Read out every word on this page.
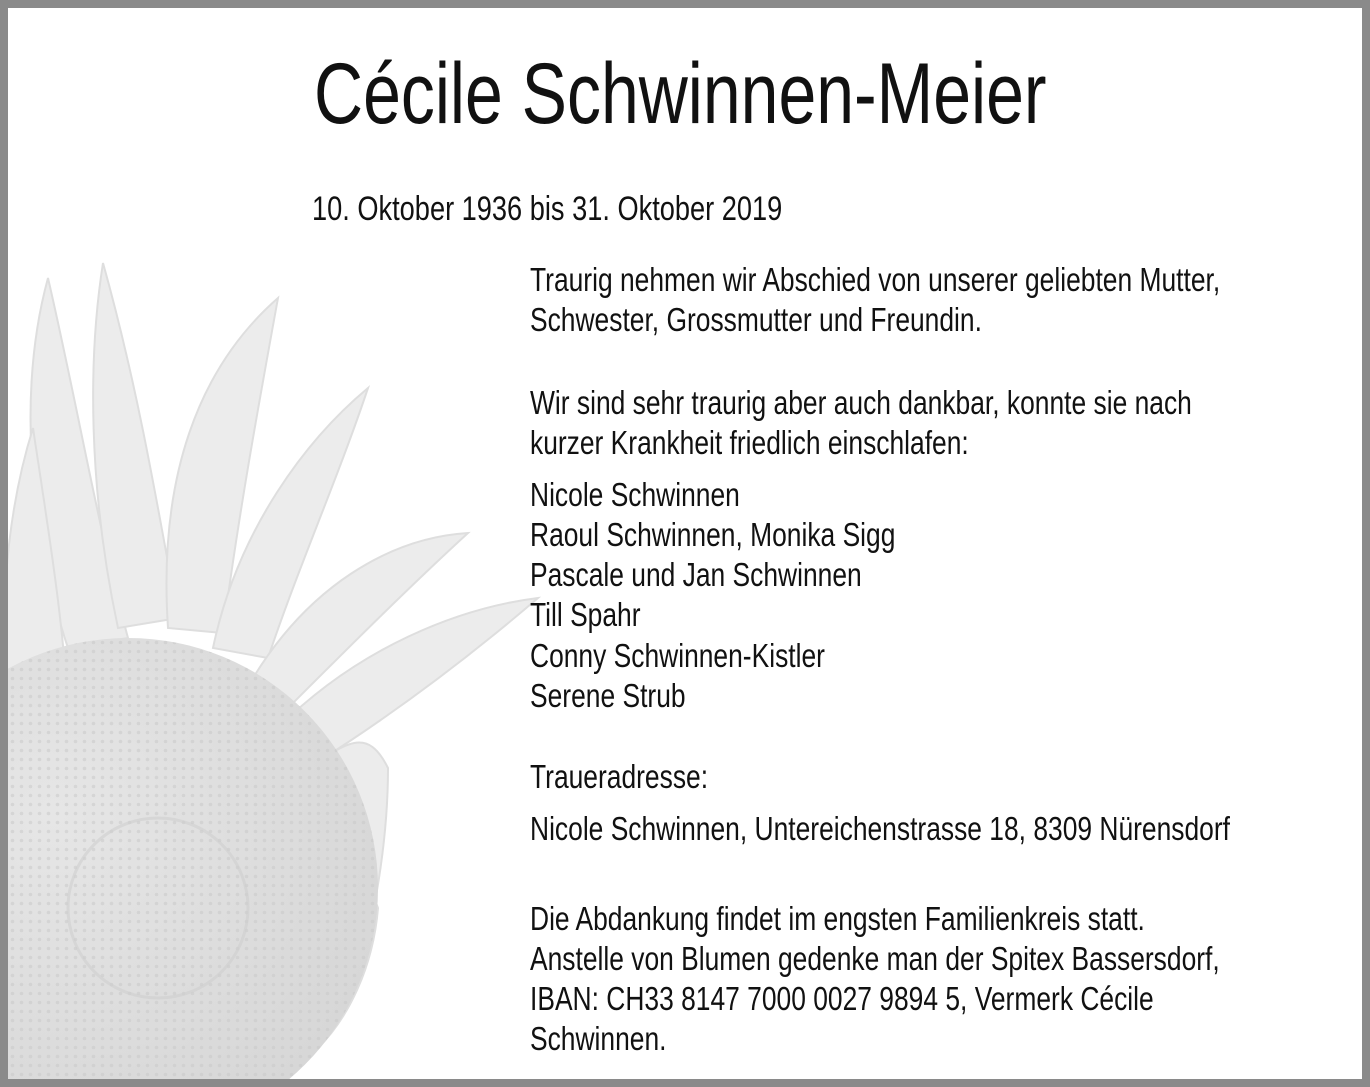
Cécile Schwinnen-Meier
10. Oktober 1936 bis 31. Oktober 2019
Traurig nehmen wir Abschied von unserer geliebten Mutter,
Schwester, Grossmutter und Freundin.
Wir sind sehr traurig aber auch dankbar, konnte sie nach
kurzer Krankheit friedlich einschlafen:
Nicole Schwinnen
Raoul Schwinnen, Monika Sigg
Pascale und Jan Schwinnen
Till Spahr
Conny Schwinnen-Kistler
Serene Strub
Traueradresse:
Nicole Schwinnen, Untereichenstrasse 18, 8309 Nürensdorf
Die Abdankung findet im engsten Familienkreis statt.
Anstelle von Blumen gedenke man der Spitex Bassersdorf,
IBAN: CH33 8147 7000 0027 9894 5, Vermerk Cécile
Schwinnen.
